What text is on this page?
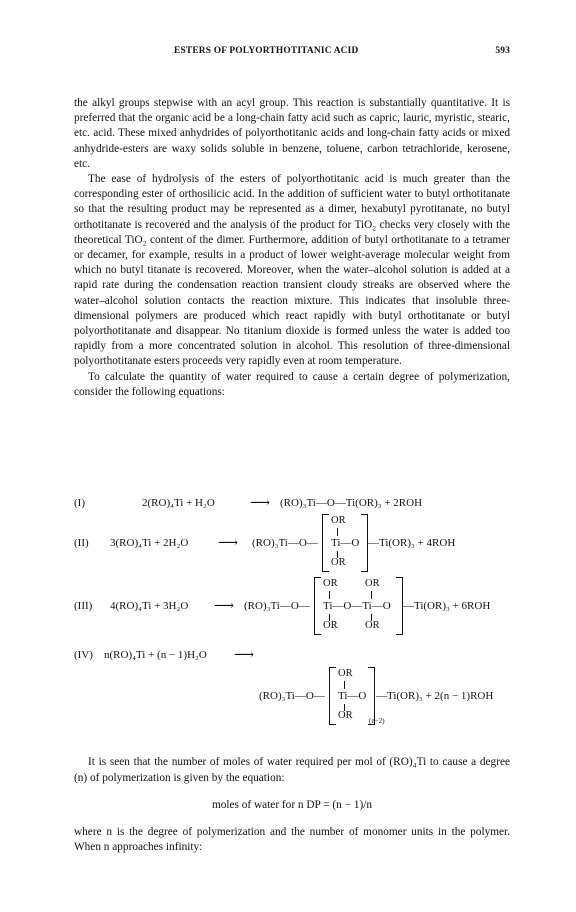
ESTERS OF POLYORTHOTITANIC ACID	593

the alkyl groups stepwise with an acyl group. This reaction is substantially quantitative. It is preferred that the organic acid be a long-chain fatty acid such as capric, lauric, myristic, stearic, etc. acid. These mixed anhydrides of polyorthotitanic acids and long-chain fatty acids or mixed anhydride-esters are waxy solids soluble in benzene, toluene, carbon tetrachloride, kerosene, etc.

The ease of hydrolysis of the esters of polyorthotitanic acid is much greater than the corresponding ester of orthosilicic acid. In the addition of sufficient water to butyl orthotitanate so that the resulting product may be represented as a dimer, hexabutyl pyrotitanate, no butyl orthotitanate is recovered and the analysis of the product for TiO₂ checks very closely with the theoretical TiO₂ content of the dimer. Furthermore, addition of butyl orthotitanate to a tetramer or decamer, for example, results in a product of lower weight-average molecular weight from which no butyl titanate is recovered. Moreover, when the water–alcohol solution is added at a rapid rate during the condensation reaction transient cloudy streaks are observed where the water–alcohol solution contacts the reaction mixture. This indicates that insoluble three-dimensional polymers are produced which react rapidly with butyl orthotitanate or butyl polyorthotitanate and disappear. No titanium dioxide is formed unless the water is added too rapidly from a more concentrated solution in alcohol. This resolution of three-dimensional polyorthotitanate esters proceeds very rapidly even at room temperature.

To calculate the quantity of water required to cause a certain degree of polymerization, consider the following equations:

(I)	2(RO)₄Ti + H₂O	⟶ (RO)₃Ti—O—Ti(OR)₃ + 2ROH
(II) 3(RO)₄Ti + 2H₂O ⟶ (RO)₃Ti—O—
OR
Ti—O
OR
—Ti(OR)₃ + 4ROH
(III) 4(RO)₄Ti + 3H₂O ⟶ (RO)₃Ti—O—
OR	OR
Ti—O—Ti—O
OR	OR
—Ti(OR)₃ + 6ROH
(IV) n(RO)₄Ti + (n − 1)H₂O ⟶
(RO)₃Ti—O—
OR
Ti—O
OR (n−2)
—Ti(OR)₃ + 2(n − 1)ROH

It is seen that the number of moles of water required per mol of (RO)₄Ti to cause a degree (n) of polymerization is given by the equation:

moles of water for n DP = (n − 1)/n

where n is the degree of polymerization and the number of monomer units in the polymer. When n approaches infinity:
